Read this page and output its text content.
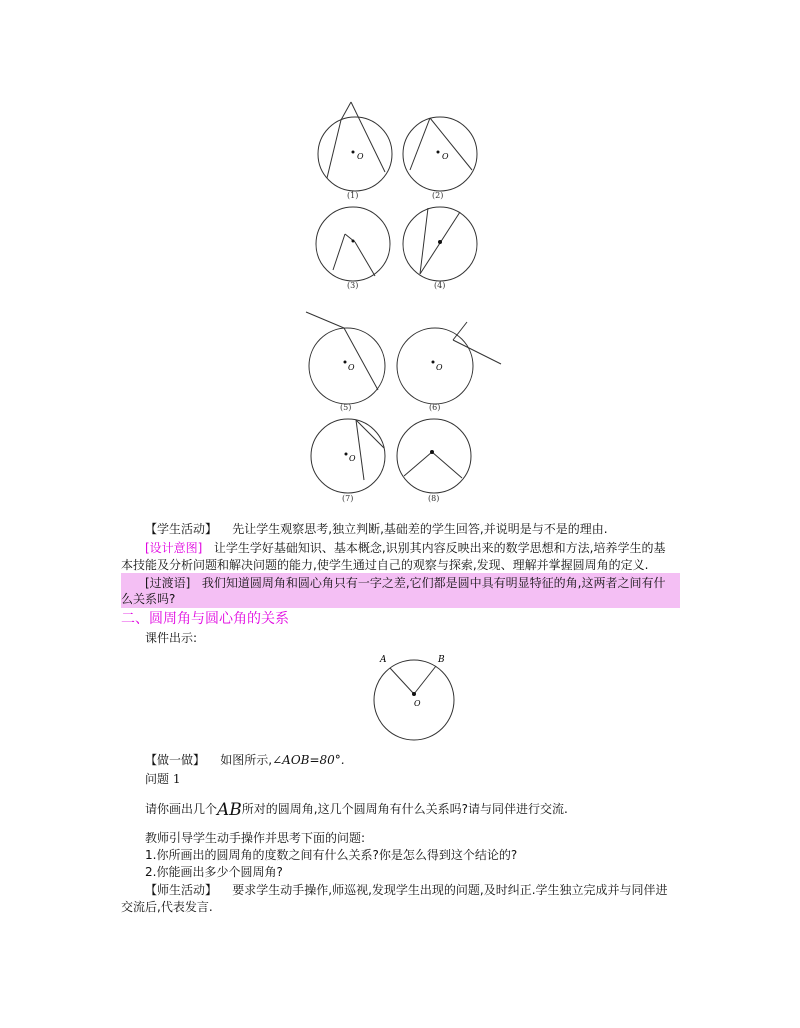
O
(1)
O
(2)
(3)	(4)
O
(5)
O
(6)
O
(7)	(8)
【学生活动】 先让学生观察思考,独立判断,基础差的学生回答,并说明是与不是的理由.
[设计意图] 让学生学好基础知识、基本概念,识别其内容反映出来的数学思想和方法,培养学生的基
本技能及分析问题和解决问题的能力,使学生通过自己的观察与探索,发现、理解并掌握圆周角的定义.
[过渡语] 我们知道圆周角和圆心角只有一字之差,它们都是圆中具有明显特征的角,这两者之间有什
么关系吗?
二、圆周角与圆心角的关系
课件出示:
A	B
O
【做一做】 如图所示,∠AOB=80°.
问题 1
请你画出几个AB所对的圆周角,这几个圆周角有什么关系吗?请与同伴进行交流.
教师引导学生动手操作并思考下面的问题:
1.你所画出的圆周角的度数之间有什么关系?你是怎么得到这个结论的?
2.你能画出多少个圆周角?
【师生活动】 要求学生动手操作,师巡视,发现学生出现的问题,及时纠正.学生独立完成并与同伴进
交流后,代表发言.
